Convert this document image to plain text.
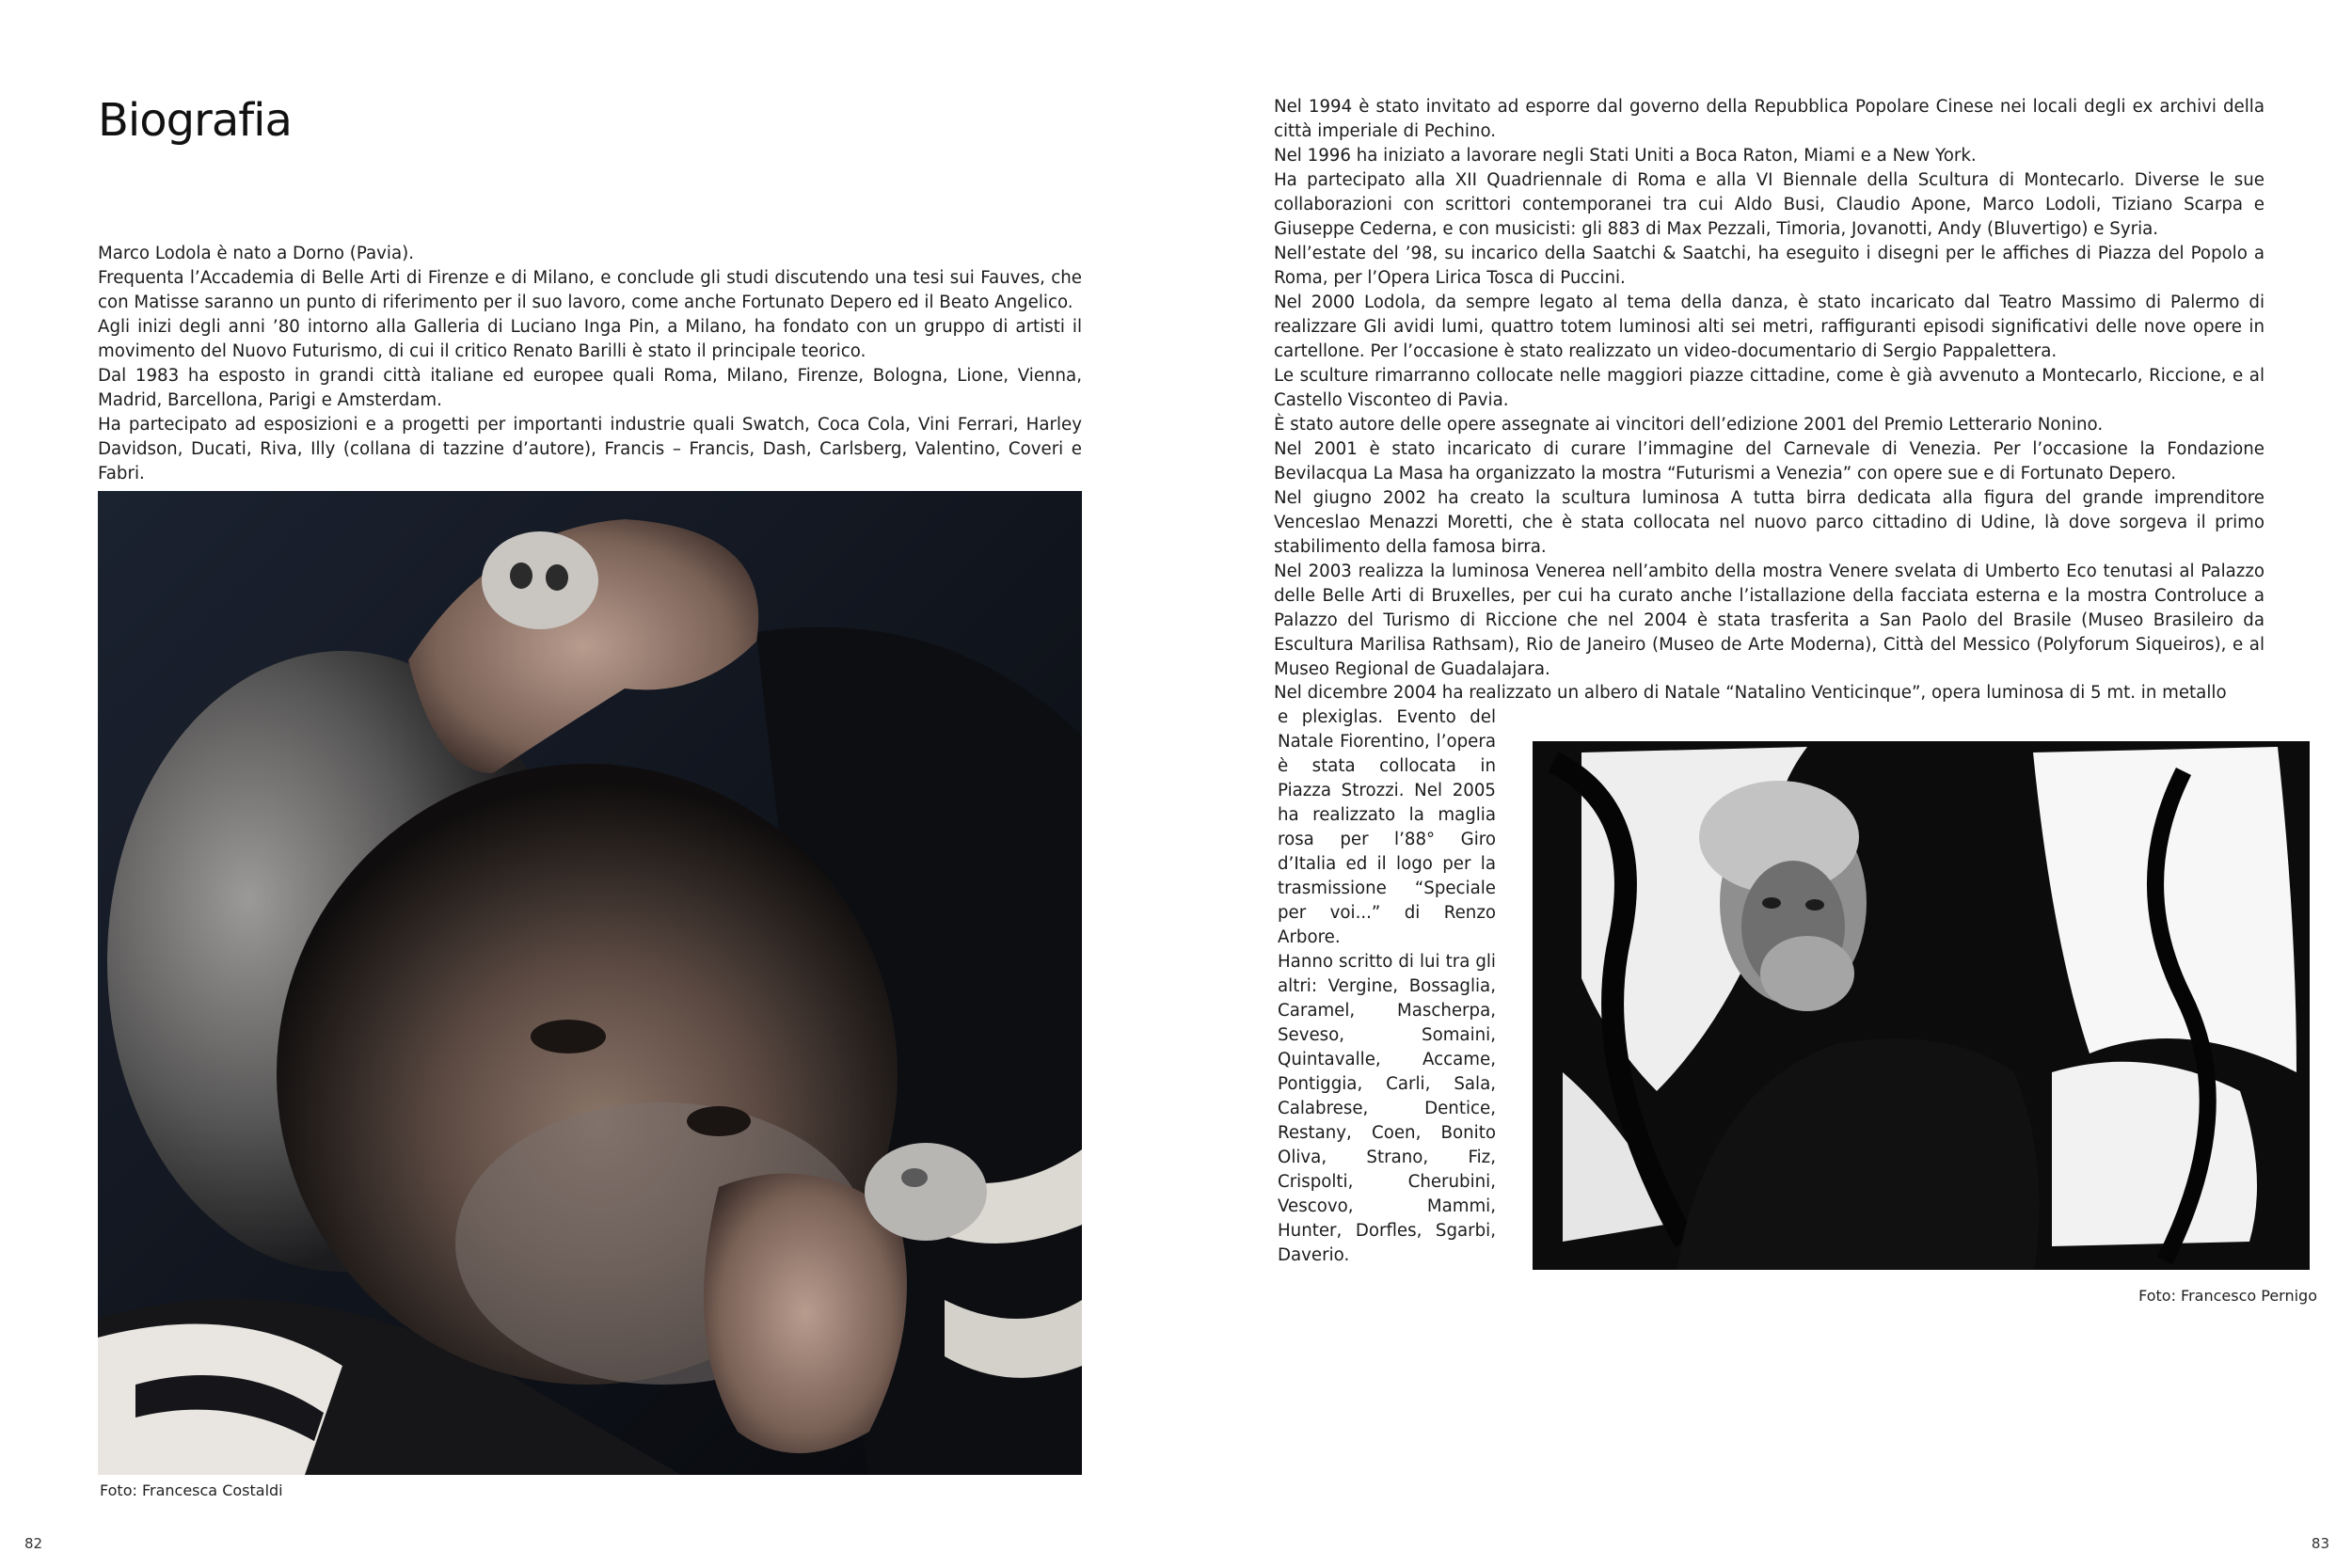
Biografia

Marco Lodola è nato a Dorno (Pavia).

Frequenta l’Accademia di Belle Arti di Firenze e di Milano, e conclude gli studi discutendo una tesi sui Fauves, che con Matisse saranno un punto di riferimento per il suo lavoro, come anche Fortunato Depero ed il Beato Angelico.

Agli inizi degli anni ’80 intorno alla Galleria di Luciano Inga Pin, a Milano, ha fondato con un gruppo di artisti il movimento del Nuovo Futurismo, di cui il critico Renato Barilli è stato il principale teorico.

Dal 1983 ha esposto in grandi città italiane ed europee quali Roma, Milano, Firenze, Bologna, Lione, Vienna, Madrid, Barcellona, Parigi e Amsterdam.

Ha partecipato ad esposizioni e a progetti per importanti industrie quali Swatch, Coca Cola, Vini Ferrari, Harley Davidson, Ducati, Riva, Illy (collana di tazzine d’autore), Francis – Francis, Dash, Carlsberg, Valentino, Coveri e Fabri.

Foto: Francesca Costaldi
82

Nel 1994 è stato invitato ad esporre dal governo della Repubblica Popolare Cinese nei locali degli ex archivi della città imperiale di Pechino.

Nel 1996 ha iniziato a lavorare negli Stati Uniti a Boca Raton, Miami e a New York.

Ha partecipato alla XII Quadriennale di Roma e alla VI Biennale della Scultura di Montecarlo. Diverse le sue collaborazioni con scrittori contemporanei tra cui Aldo Busi, Claudio Apone, Marco Lodoli, Tiziano Scarpa e Giuseppe Cederna, e con musicisti: gli 883 di Max Pezzali, Timoria, Jovanotti, Andy (Bluvertigo) e Syria.

Nell’estate del ’98, su incarico della Saatchi & Saatchi, ha eseguito i disegni per le affiches di Piazza del Popolo a Roma, per l’Opera Lirica Tosca di Puccini.

Nel 2000 Lodola, da sempre legato al tema della danza, è stato incaricato dal Teatro Massimo di Palermo di realizzare Gli avidi lumi, quattro totem luminosi alti sei metri, raffiguranti episodi significativi delle nove opere in cartellone. Per l’occasione è stato realizzato un video-documentario di Sergio Pappalettera.

Le sculture rimarranno collocate nelle maggiori piazze cittadine, come è già avvenuto a Montecarlo, Riccione, e al Castello Visconteo di Pavia.

È stato autore delle opere assegnate ai vincitori dell’edizione 2001 del Premio Letterario Nonino.

Nel 2001 è stato incaricato di curare l’immagine del Carnevale di Venezia. Per l’occasione la Fondazione Bevilacqua La Masa ha organizzato la mostra “Futurismi a Venezia” con opere sue e di Fortunato Depero.

Nel giugno 2002 ha creato la scultura luminosa A tutta birra dedicata alla figura del grande imprenditore Venceslao Menazzi Moretti, che è stata collocata nel nuovo parco cittadino di Udine, là dove sorgeva il primo stabilimento della famosa birra.

Nel 2003 realizza la luminosa Venerea nell’ambito della mostra Venere svelata di Umberto Eco tenutasi al Palazzo delle Belle Arti di Bruxelles, per cui ha curato anche l’istallazione della facciata esterna e la mostra Controluce a Palazzo del Turismo di Riccione che nel 2004 è stata trasferita a San Paolo del Brasile (Museo Brasileiro da Escultura Marilisa Rathsam), Rio de Janeiro (Museo de Arte Moderna), Città del Messico (Polyforum Siqueiros), e al Museo Regional de Guadalajara.

Nel dicembre 2004 ha realizzato un albero di Natale “Natalino Venticinque”, opera luminosa di 5 mt. in metallo

e plexiglas. Evento del Natale Fiorentino, l’opera è stata collocata in Piazza Strozzi. Nel 2005 ha realizzato la maglia rosa per l’88° Giro d’Italia ed il logo per la trasmissione “Speciale per voi...” di Renzo Arbore.

Hanno scritto di lui tra gli altri: Vergine, Bossaglia, Caramel, Mascherpa, Seveso, Somaini, Quintavalle, Accame, Pontiggia, Carli, Sala, Calabrese, Dentice, Restany, Coen, Bonito Oliva, Strano, Fiz, Crispolti, Cherubini, Vescovo, Mammi, Hunter, Dorfles, Sgarbi, Daverio.

Foto: Francesco Pernigo
83
